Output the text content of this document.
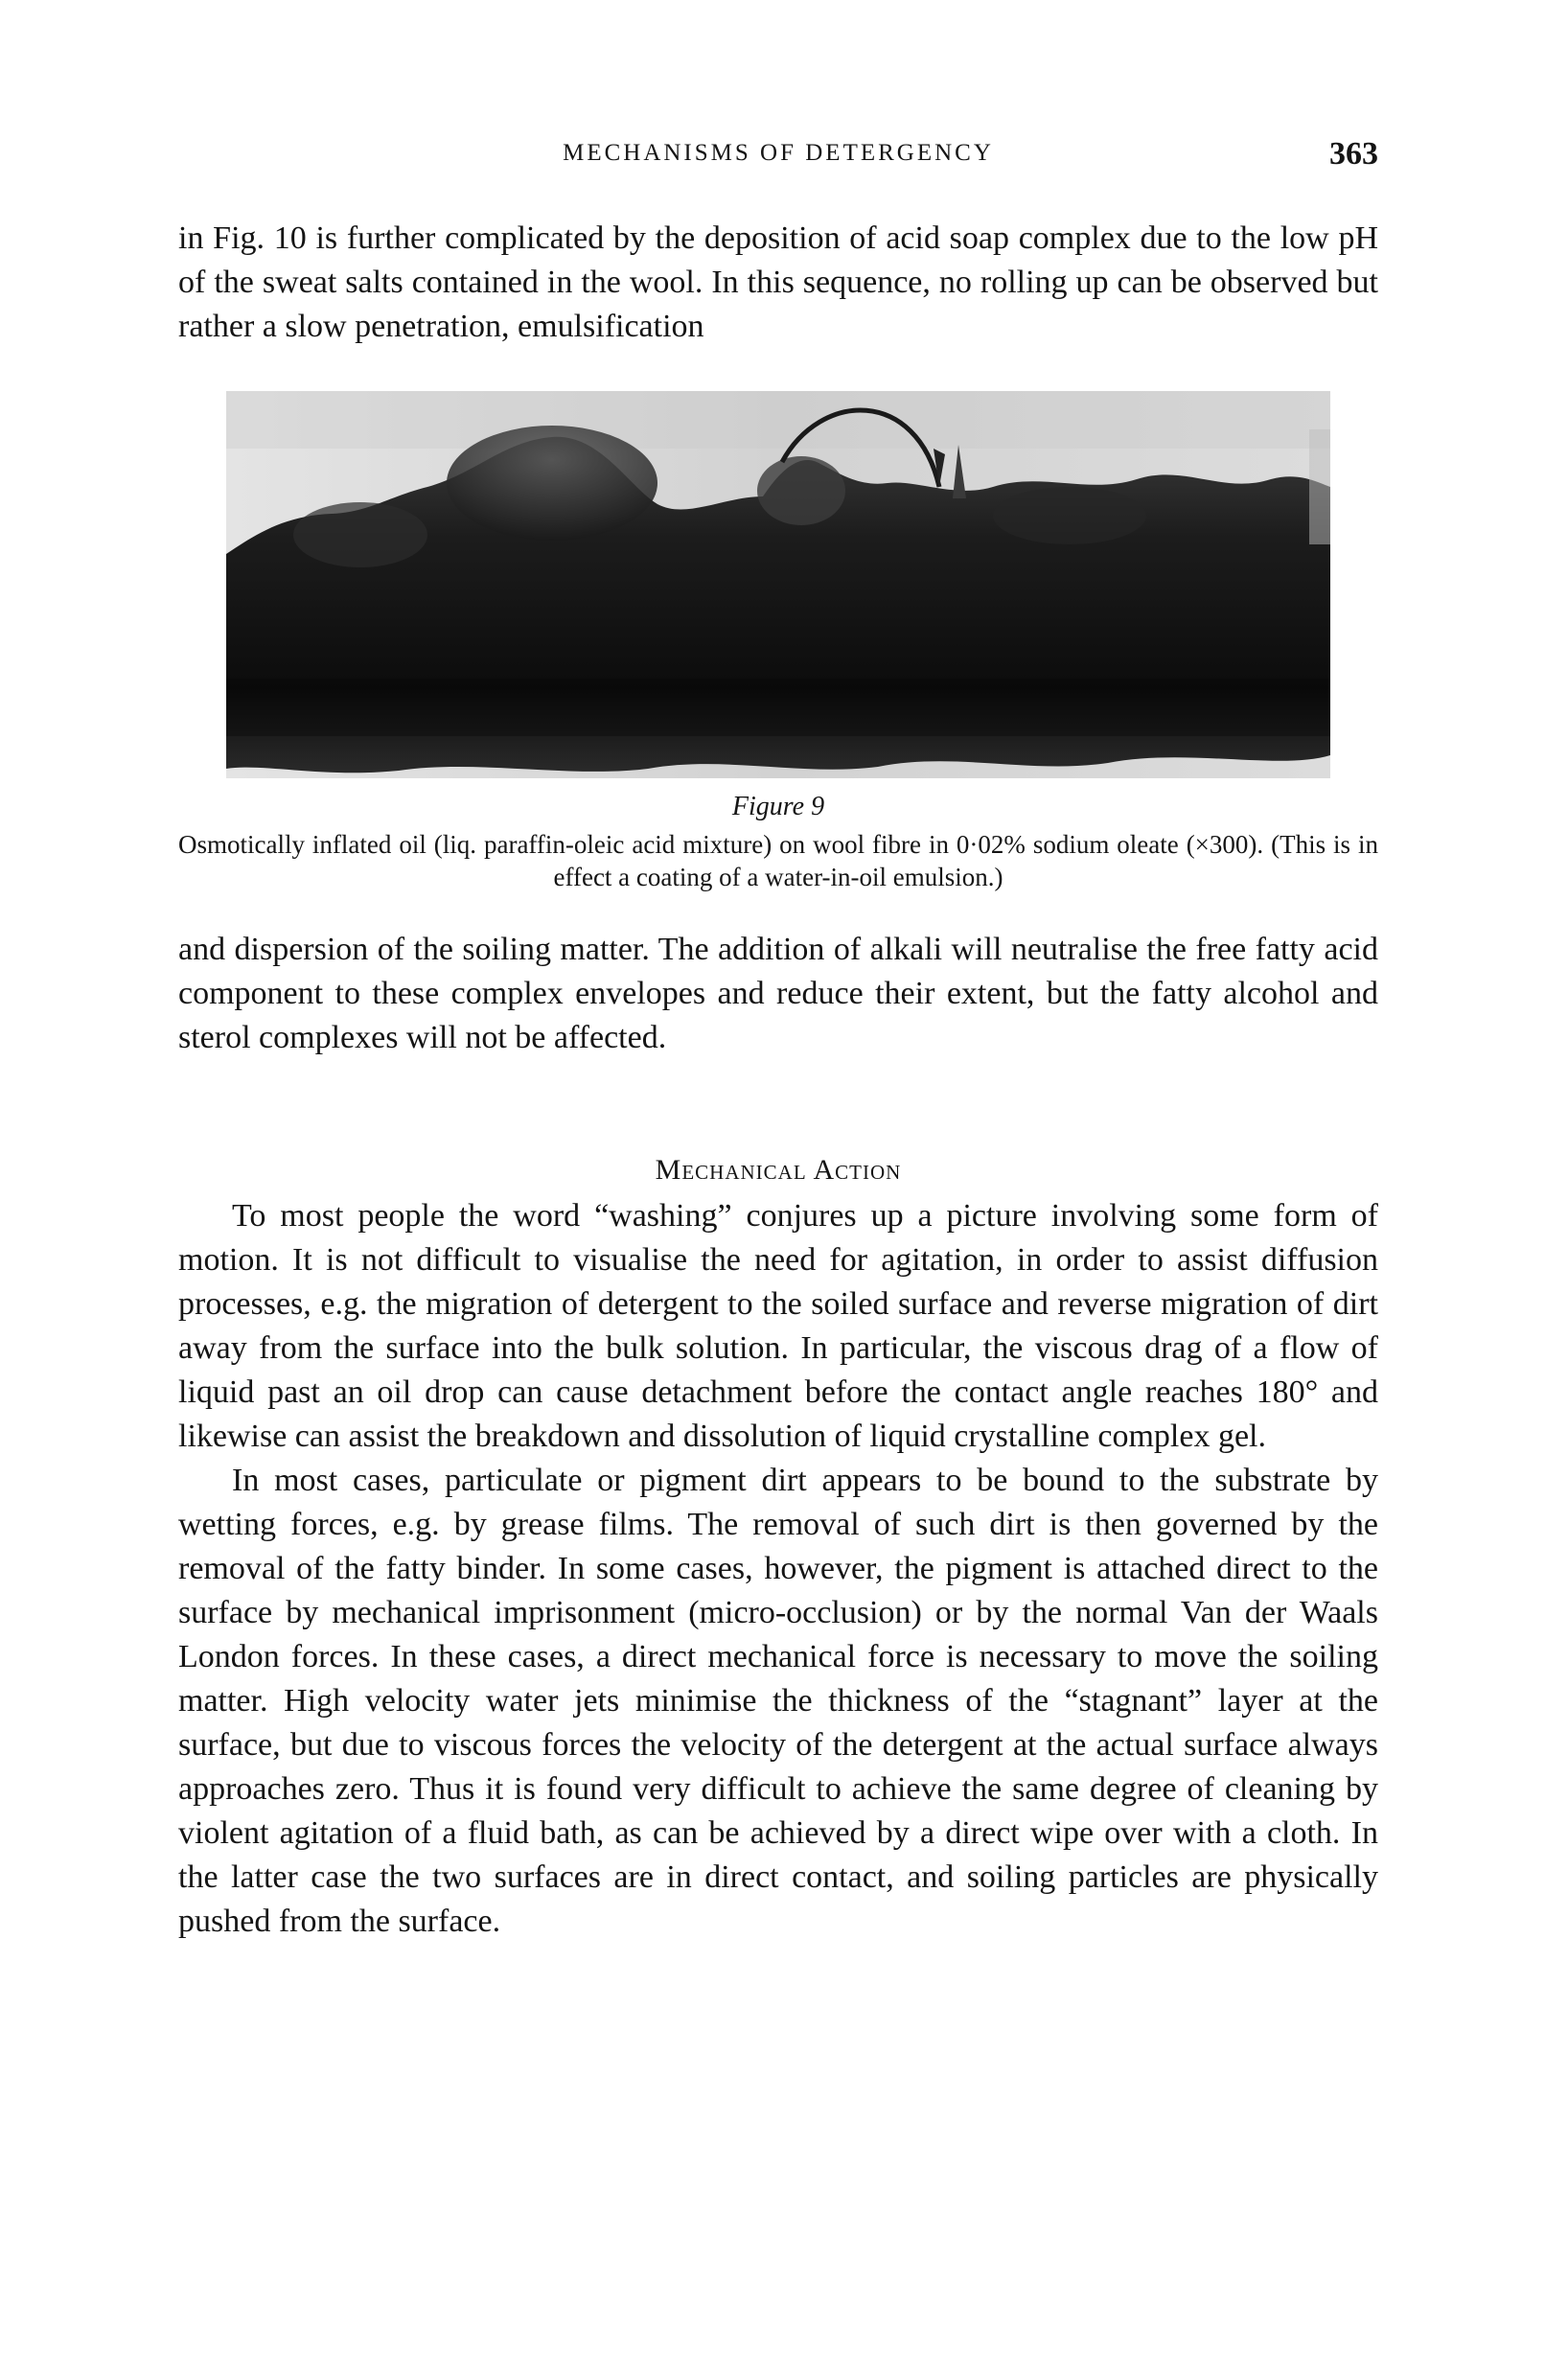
MECHANISMS OF DETERGENCY	363

in Fig. 10 is further complicated by the deposition of acid soap complex due to the low pH of the sweat salts contained in the wool. In this sequence, no rolling up can be observed but rather a slow penetration, emulsification

Figure 9
Osmotically inflated oil (liq. paraffin-oleic acid mixture) on wool fibre in 0·02% sodium oleate (×300). (This is in effect a coating of a water-in-oil emulsion.)

and dispersion of the soiling matter. The addition of alkali will neutralise the free fatty acid component to these complex envelopes and reduce their extent, but the fatty alcohol and sterol complexes will not be affected.

Mechanical Action

To most people the word “washing” conjures up a picture involving some form of motion. It is not difficult to visualise the need for agitation, in order to assist diffusion processes, e.g. the migration of detergent to the soiled surface and reverse migration of dirt away from the surface into the bulk solution. In particular, the viscous drag of a flow of liquid past an oil drop can cause detachment before the contact angle reaches 180° and likewise can assist the breakdown and dissolution of liquid crystalline complex gel.

In most cases, particulate or pigment dirt appears to be bound to the substrate by wetting forces, e.g. by grease films. The removal of such dirt is then governed by the removal of the fatty binder. In some cases, however, the pigment is attached direct to the surface by mechanical imprisonment (micro-occlusion) or by the normal Van der Waals London forces. In these cases, a direct mechanical force is necessary to move the soiling matter. High velocity water jets minimise the thickness of the “stagnant” layer at the surface, but due to viscous forces the velocity of the detergent at the actual surface always approaches zero. Thus it is found very difficult to achieve the same degree of cleaning by violent agitation of a fluid bath, as can be achieved by a direct wipe over with a cloth. In the latter case the two surfaces are in direct contact, and soiling particles are physically pushed from the surface.
